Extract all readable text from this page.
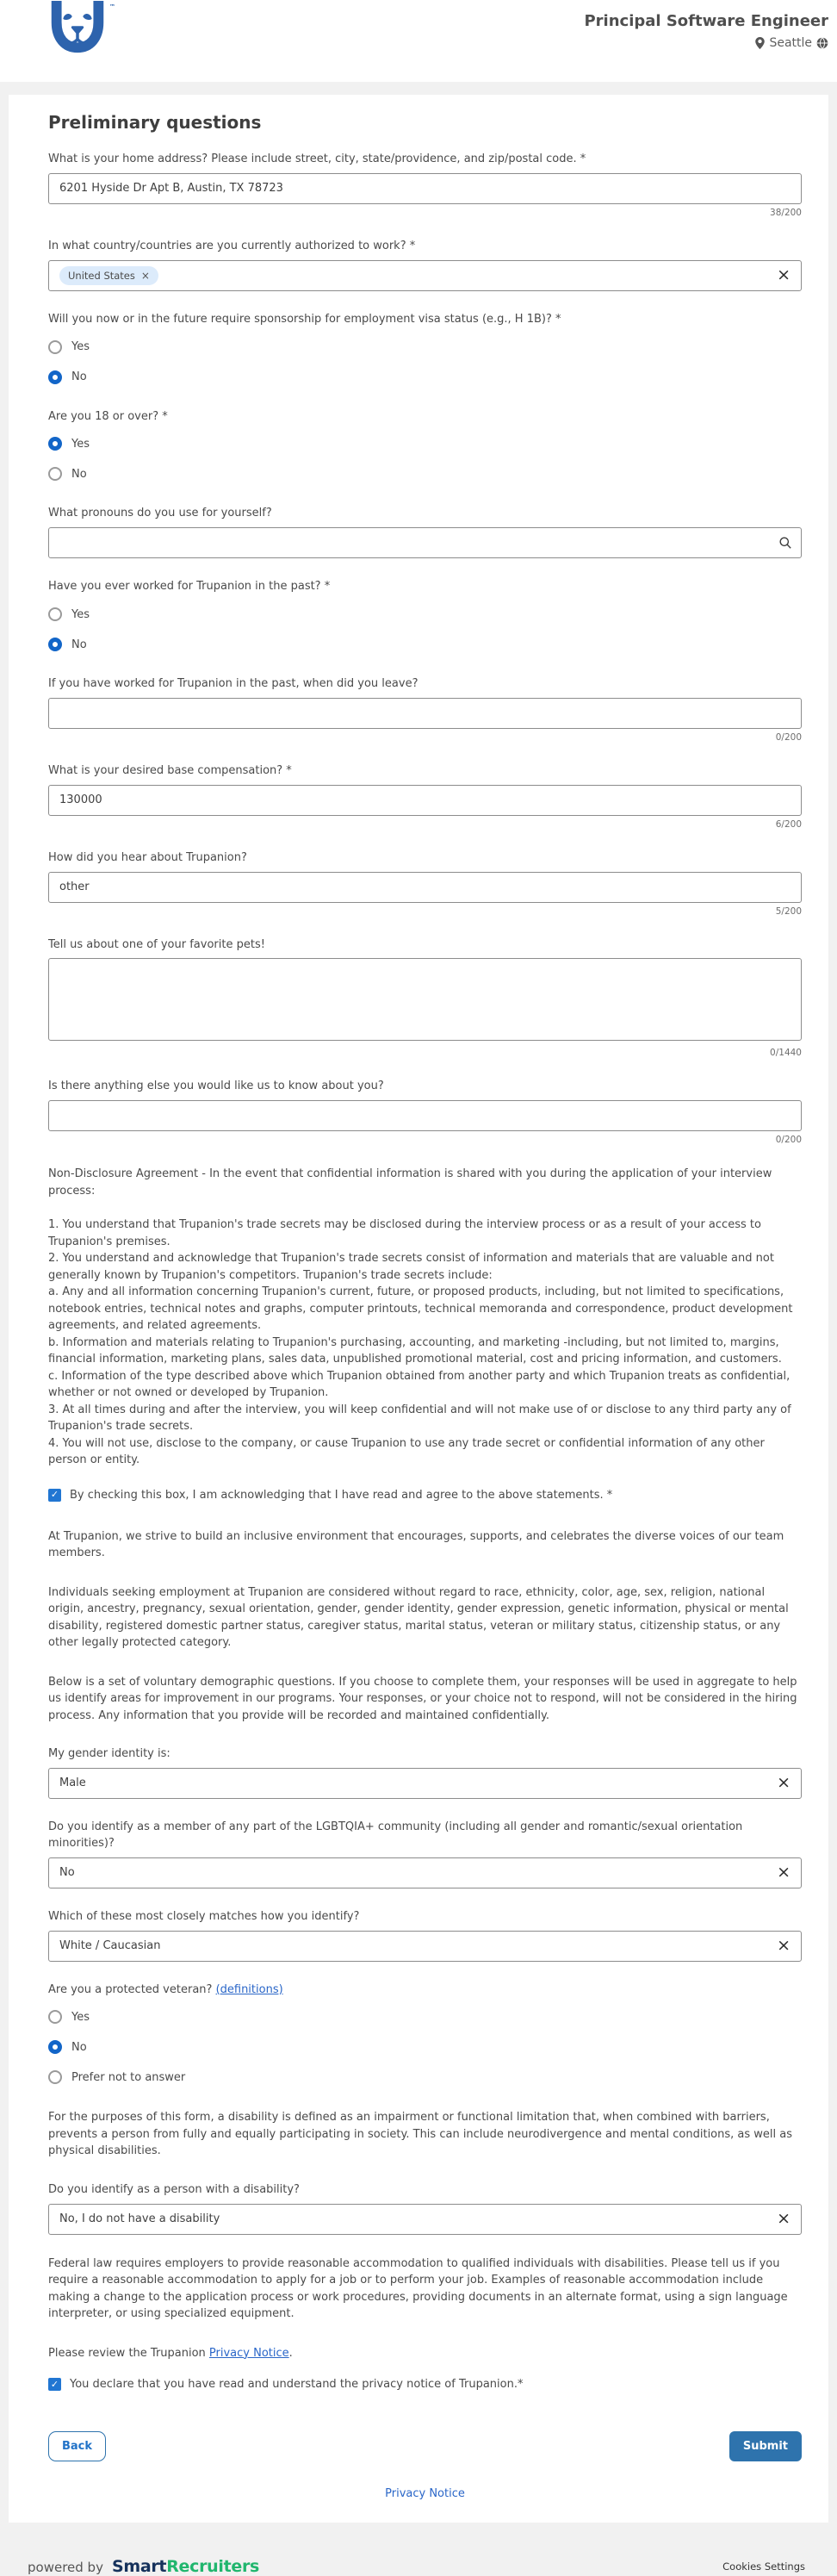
™
Principal Software Engineer
Seattle
Preliminary questions
What is your home address? Please include street, city, state/providence, and zip/postal code. *
6201 Hyside Dr Apt B, Austin, TX 78723
38/200
In what country/countries are you currently authorized to work? *
United States ×	×
Will you now or in the future require sponsorship for employment visa status (e.g., H 1B)? *
Yes
No
Are you 18 or over? *
Yes
No
What pronouns do you use for yourself?
Have you ever worked for Trupanion in the past? *
Yes
No
If you have worked for Trupanion in the past, when did you leave?
0/200
What is your desired base compensation? *
130000
6/200
How did you hear about Trupanion?
other
5/200
Tell us about one of your favorite pets!
0/1440
Is there anything else you would like us to know about you?
0/200

Non-Disclosure Agreement - In the event that confidential information is shared with you during the application of your interview process:

1. You understand that Trupanion's trade secrets may be disclosed during the interview process or as a result of your access to Trupanion's premises.
2. You understand and acknowledge that Trupanion's trade secrets consist of information and materials that are valuable and not generally known by Trupanion's competitors. Trupanion's trade secrets include:
a. Any and all information concerning Trupanion's current, future, or proposed products, including, but not limited to specifications, notebook entries, technical notes and graphs, computer printouts, technical memoranda and correspondence, product development agreements, and related agreements.
b. Information and materials relating to Trupanion's purchasing, accounting, and marketing -including, but not limited to, margins, financial information, marketing plans, sales data, unpublished promotional material, cost and pricing information, and customers.
c. Information of the type described above which Trupanion obtained from another party and which Trupanion treats as confidential, whether or not owned or developed by Trupanion.
3. At all times during and after the interview, you will keep confidential and will not make use of or disclose to any third party any of Trupanion's trade secrets.
4. You will not use, disclose to the company, or cause Trupanion to use any trade secret or confidential information of any other person or entity.
✓ By checking this box, I am acknowledging that I have read and agree to the above statements. *

At Trupanion, we strive to build an inclusive environment that encourages, supports, and celebrates the diverse voices of our team members.

Individuals seeking employment at Trupanion are considered without regard to race, ethnicity, color, age, sex, religion, national origin, ancestry, pregnancy, sexual orientation, gender, gender identity, gender expression, genetic information, physical or mental disability, registered domestic partner status, caregiver status, marital status, veteran or military status, citizenship status, or any other legally protected category.

Below is a set of voluntary demographic questions. If you choose to complete them, your responses will be used in aggregate to help us identify areas for improvement in our programs. Your responses, or your choice not to respond, will not be considered in the hiring process. Any information that you provide will be recorded and maintained confidentially.

My gender identity is:
Male	×
Do you identify as a member of any part of the LGBTQIA+ community (including all gender and romantic/sexual orientation minorities)?
No	×
Which of these most closely matches how you identify?
White / Caucasian	×
Are you a protected veteran? (definitions)
Yes
No
Prefer not to answer

For the purposes of this form, a disability is defined as an impairment or functional limitation that, when combined with barriers, prevents a person from fully and equally participating in society. This can include neurodivergence and mental conditions, as well as physical disabilities.

Do you identify as a person with a disability?
No, I do not have a disability	×

Federal law requires employers to provide reasonable accommodation to qualified individuals with disabilities. Please tell us if you require a reasonable accommodation to apply for a job or to perform your job. Examples of reasonable accommodation include making a change to the application process or work procedures, providing documents in an alternate format, using a sign language interpreter, or using specialized equipment.

Please review the Trupanion Privacy Notice.

✓ You declare that you have read and understand the privacy notice of Trupanion.*
Back	Submit
Privacy Notice
powered by SmartRecruiters	Cookies Settings
